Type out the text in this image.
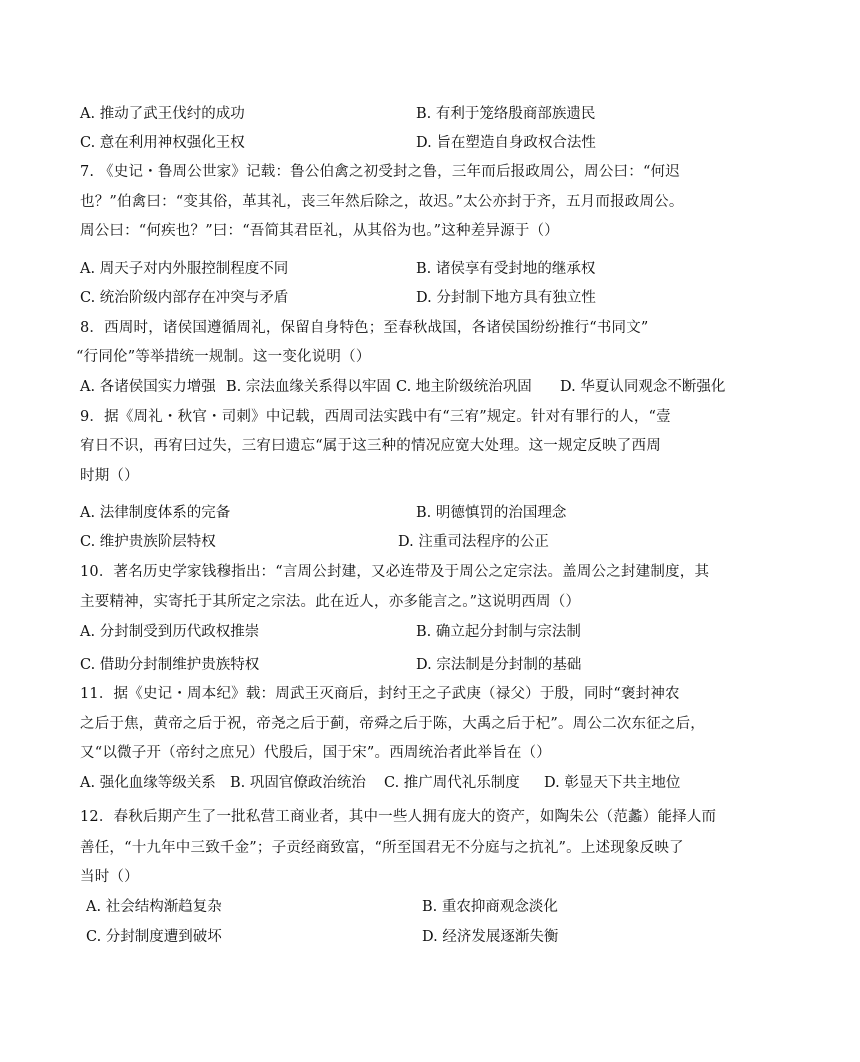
A. 推动了武王伐纣的成功	B. 有利于笼络殷商部族遗民
C. 意在利用神权强化王权	D. 旨在塑造自身政权合法性
7. 《史记・鲁周公世家》记载：鲁公伯禽之初受封之鲁，三年而后报政周公，周公曰：“何迟
也？”伯禽曰：“变其俗，革其礼，丧三年然后除之，故迟。”太公亦封于齐，五月而报政周公。
周公曰：“何疾也？”曰：“吾简其君臣礼，从其俗为也。”这种差异源于（）
A. 周天子对内外服控制程度不同	B. 诸侯享有受封地的继承权
C. 统治阶级内部存在冲突与矛盾	D. 分封制下地方具有独立性
8．西周时，诸侯国遵循周礼，保留自身特色；至春秋战国，各诸侯国纷纷推行“书同文”
“行同伦”等举措统一规制。这一变化说明（）
A. 各诸侯国实力增强 B. 宗法血缘关系得以牢固 C. 地主阶级统治巩固 D. 华夏认同观念不断强化
9．据《周礼・秋官・司刺》中记载，西周司法实践中有“三宥”规定。针对有罪行的人，“壹
宥日不识，再宥曰过失，三宥曰遗忘“属于这三种的情况应宽大处理。这一规定反映了西周
时期（）
A. 法律制度体系的完备	B. 明德慎罚的治国理念
C. 维护贵族阶层特权	D. 注重司法程序的公正
10．著名历史学家钱穆指出：“言周公封建，又必连带及于周公之定宗法。盖周公之封建制度，其
主要精神，实寄托于其所定之宗法。此在近人，亦多能言之。”这说明西周（）
A. 分封制受到历代政权推崇	B. 确立起分封制与宗法制
C. 借助分封制维护贵族特权	D. 宗法制是分封制的基础
11．据《史记・周本纪》载：周武王灭商后，封纣王之子武庚（禄父）于殷，同时“褒封神农
之后于焦，黄帝之后于祝，帝尧之后于蓟，帝舜之后于陈，大禹之后于杞”。周公二次东征之后，
又“以微子开（帝纣之庶兄）代殷后，国于宋”。西周统治者此举旨在（）
A. 强化血缘等级关系 B. 巩固官僚政治统治 C. 推广周代礼乐制度 D. 彰显天下共主地位
12．春秋后期产生了一批私营工商业者，其中一些人拥有庞大的资产，如陶朱公（范蠡）能择人而
善任，“十九年中三致千金”；子贡经商致富，“所至国君无不分庭与之抗礼”。上述现象反映了
当时（）
A. 社会结构渐趋复杂	B. 重农抑商观念淡化
C. 分封制度遭到破坏	D. 经济发展逐渐失衡
